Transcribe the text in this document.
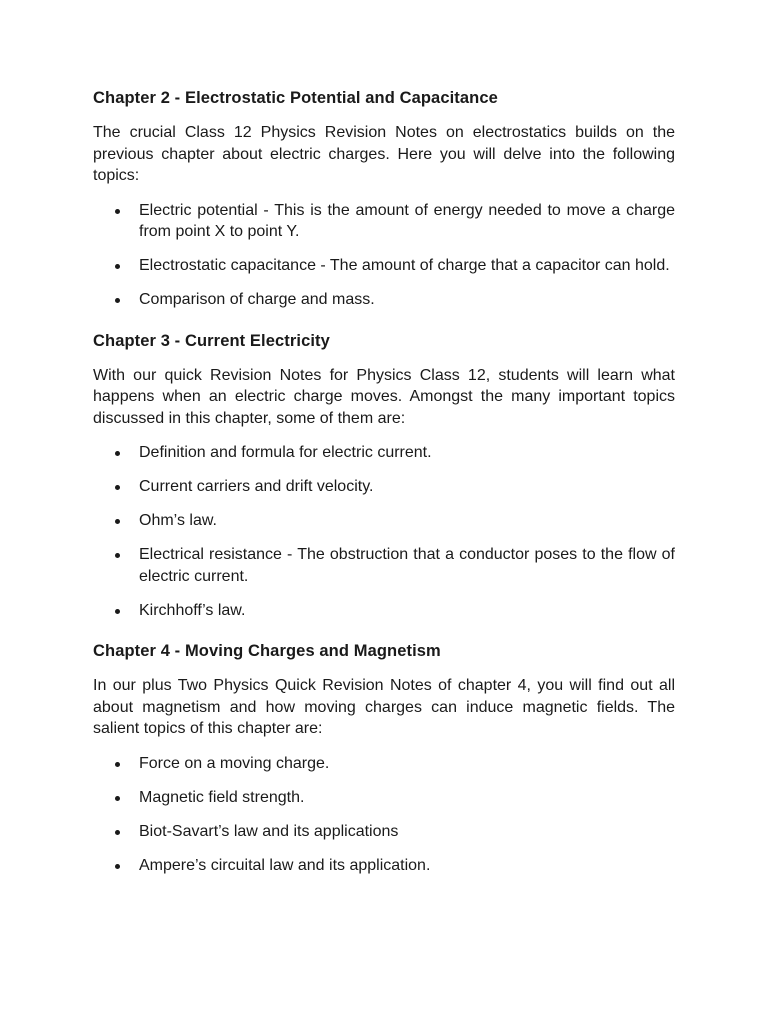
Chapter 2 - Electrostatic Potential and Capacitance
The crucial Class 12 Physics Revision Notes on electrostatics builds on the previous chapter about electric charges. Here you will delve into the following topics:
Electric potential - This is the amount of energy needed to move a charge from point X to point Y.
Electrostatic capacitance - The amount of charge that a capacitor can hold.
Comparison of charge and mass.
Chapter 3 - Current Electricity
With our quick Revision Notes for Physics Class 12, students will learn what happens when an electric charge moves. Amongst the many important topics discussed in this chapter, some of them are:
Definition and formula for electric current.
Current carriers and drift velocity.
Ohm’s law.
Electrical resistance - The obstruction that a conductor poses to the flow of electric current.
Kirchhoff’s law.
Chapter 4 - Moving Charges and Magnetism
In our plus Two Physics Quick Revision Notes of chapter 4, you will find out all about magnetism and how moving charges can induce magnetic fields. The salient topics of this chapter are:
Force on a moving charge.
Magnetic field strength.
Biot-Savart’s law and its applications
Ampere’s circuital law and its application.
